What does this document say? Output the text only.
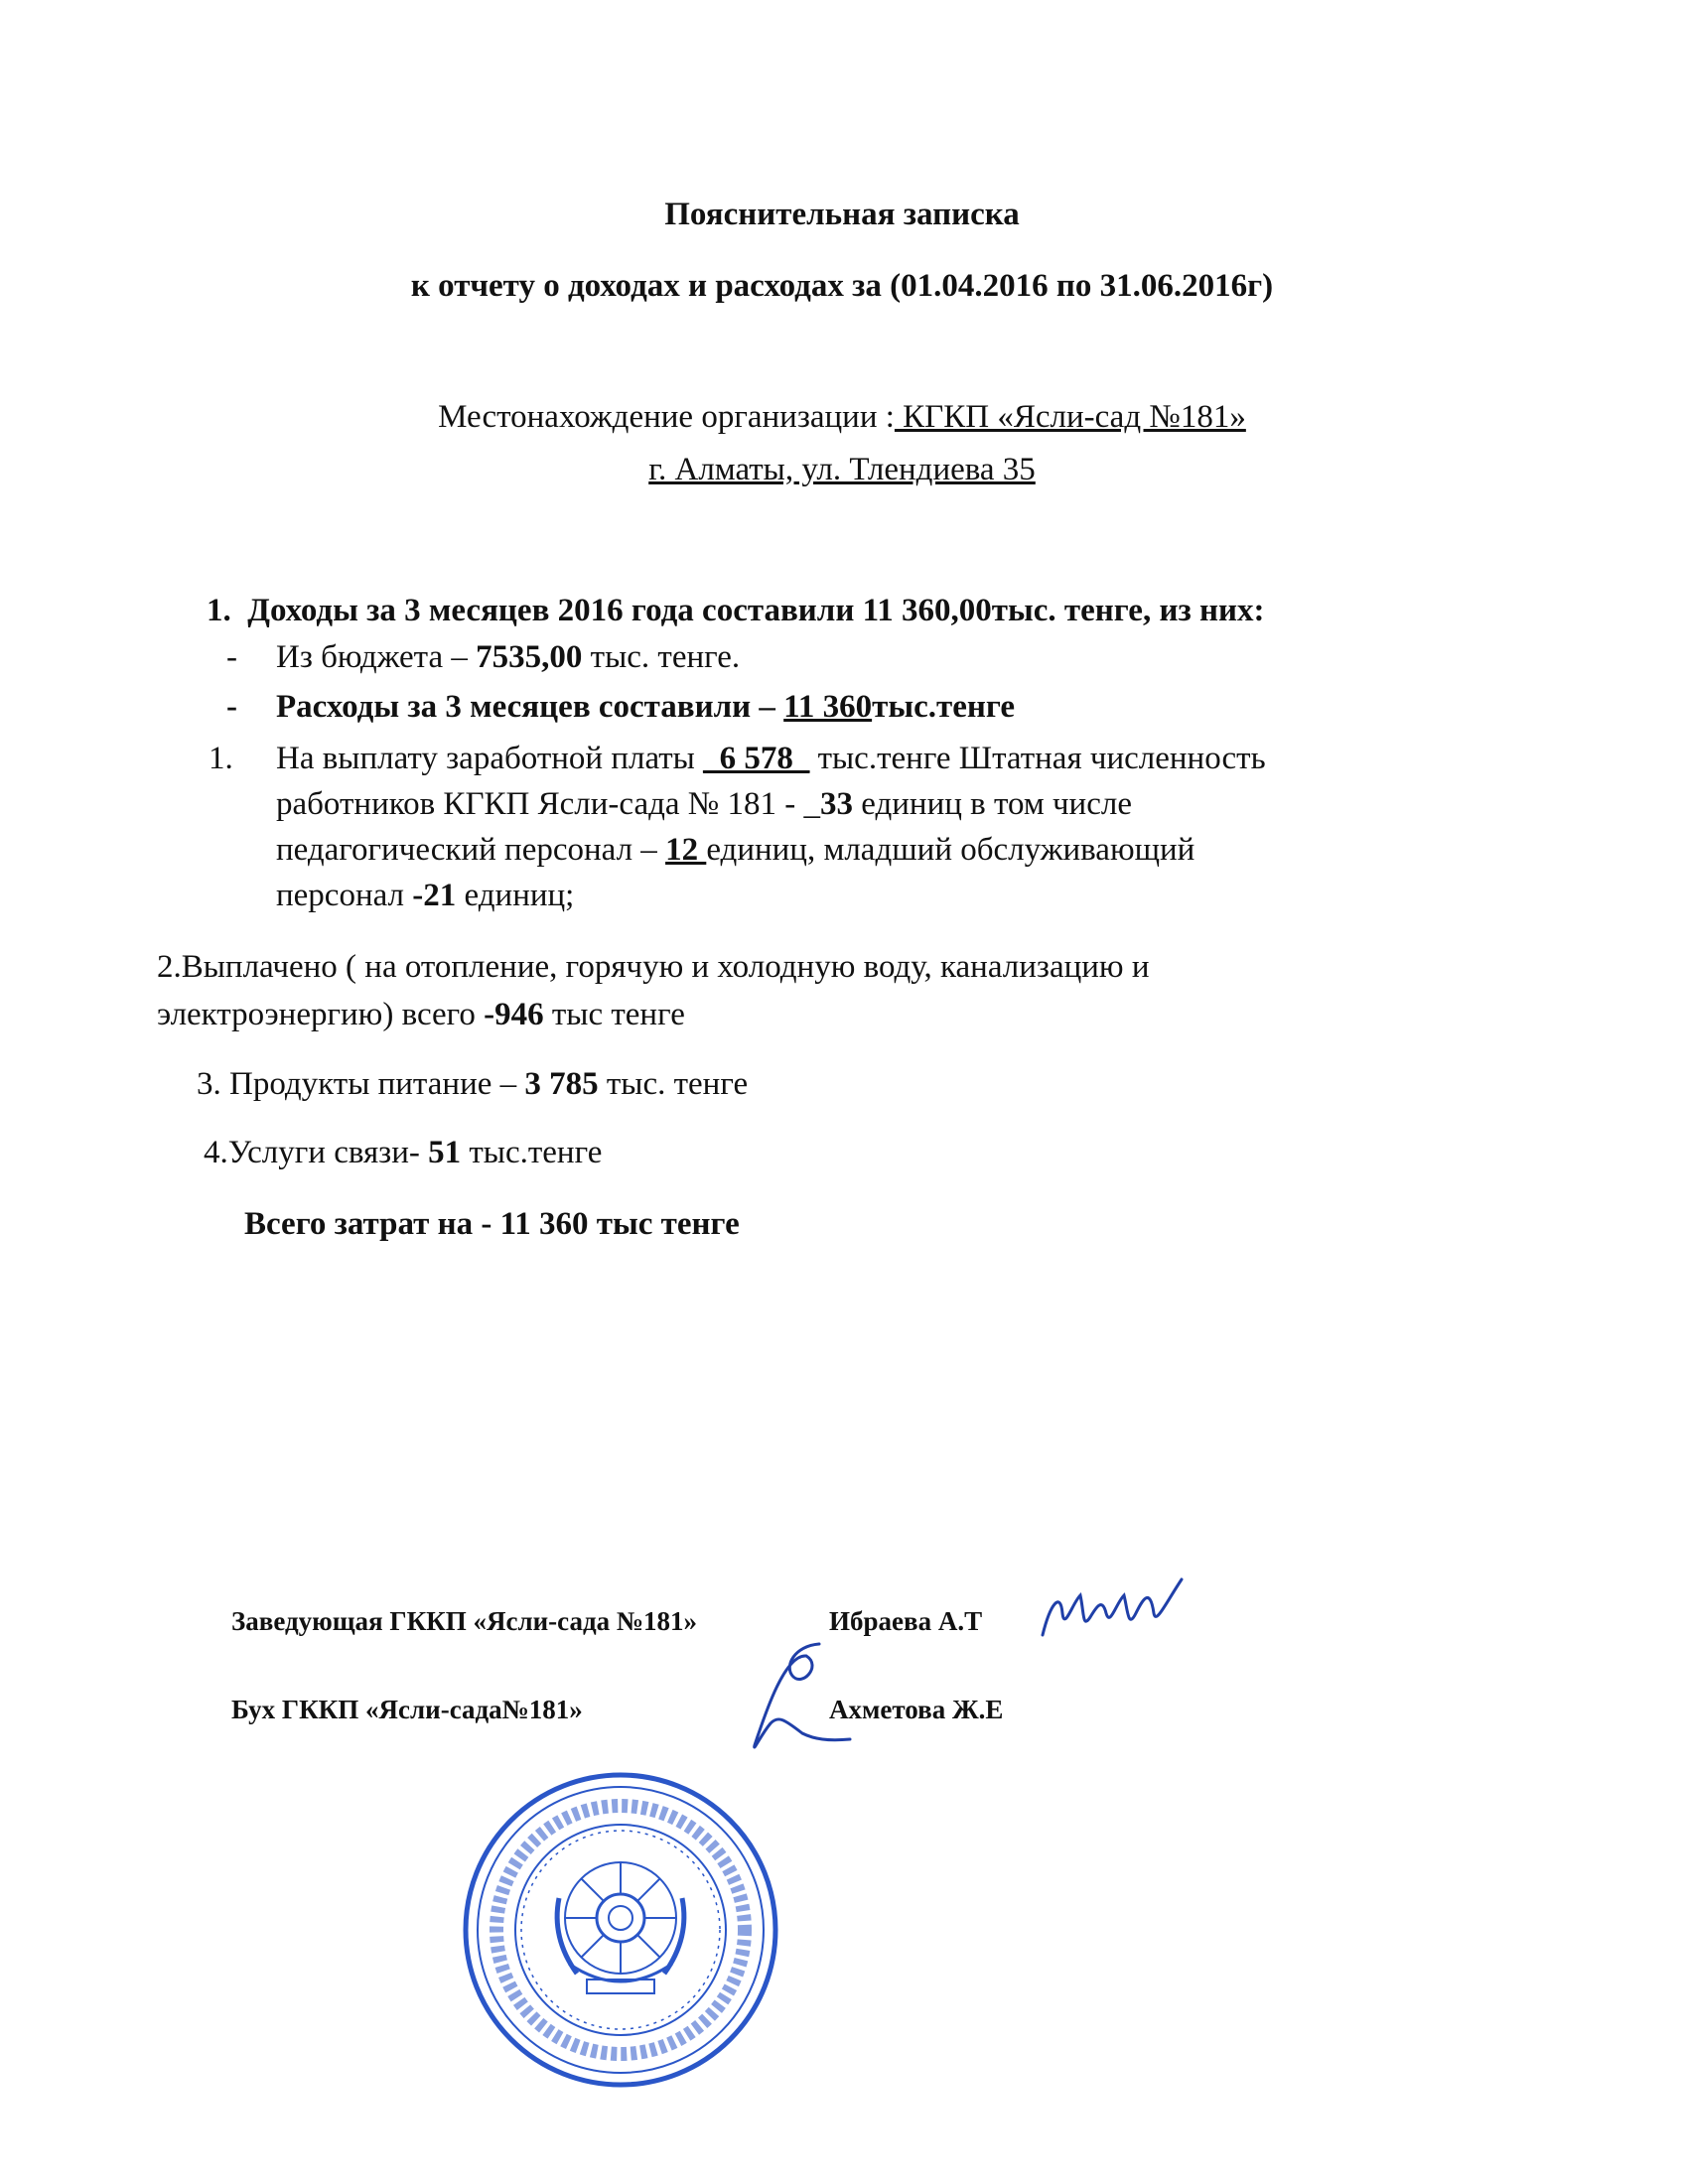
Пояснительная записка
к отчету о доходах и расходах за (01.04.2016 по 31.06.2016г)
Местонахождение организации : КГКП «Ясли-сад №181»
г. Алматы, ул. Тлендиева 35
1. Доходы за 3 месяцев 2016 года составили 11 360,00тыс. тенге, из них:
- Из бюджета – 7535,00 тыс. тенге.
- Расходы за 3 месяцев составили – 11 360тыс.тенге
1. На выплату заработной платы _6 578_ тыс.тенге Штатная численность
работников КГКП Ясли-сада № 181 - _33 единиц в том числе
педагогический персонал – 12 единиц, младший обслуживающий
персонал -21 единиц;
2.Выплачено ( на отопление, горячую и холодную воду, канализацию и
электроэнергию) всего -946 тыс тенге
3. Продукты питание – 3 785 тыс. тенге
4.Услуги связи- 51 тыс.тенге
Всего затрат на - 11 360 тыс тенге
Заведующая ГККП «Ясли-сада №181»	Ибраева А.Т
Бух ГККП «Ясли-сада№181»	Ахметова Ж.Е
